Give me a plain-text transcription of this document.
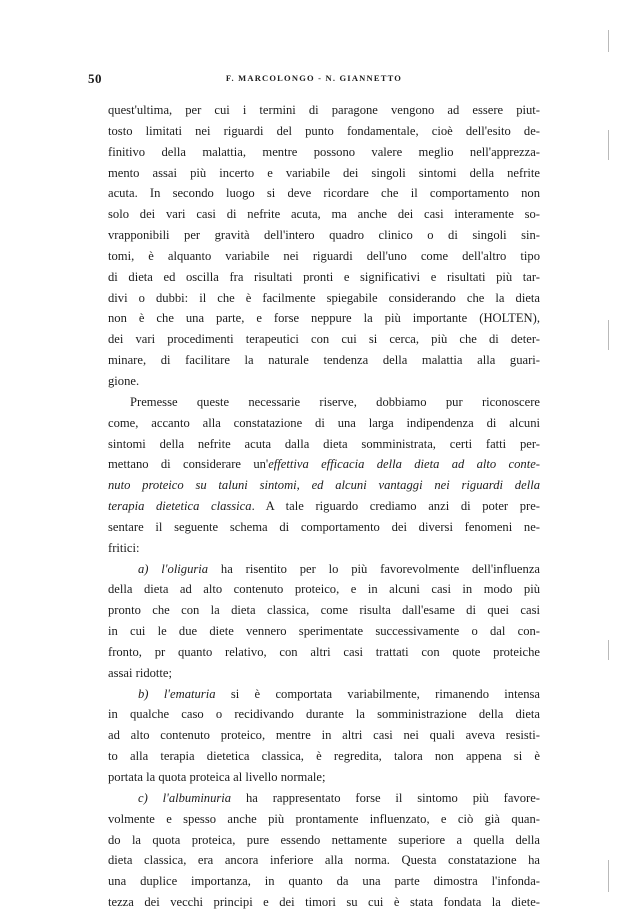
50	F. MARCOLONGO - N. GIANNETTO
quest'ultima, per cui i termini di paragone vengono ad essere piut-
tosto limitati nei riguardi del punto fondamentale, cioè dell'esito de-
finitivo della malattia, mentre possono valere meglio nell'apprezza-
mento assai più incerto e variabile dei singoli sintomi della nefrite
acuta. In secondo luogo si deve ricordare che il comportamento non
solo dei vari casi di nefrite acuta, ma anche dei casi interamente so-
vrapponibili per gravità dell'intero quadro clinico o di singoli sin-
tomi, è alquanto variabile nei riguardi dell'uno come dell'altro tipo
di dieta ed oscilla fra risultati pronti e significativi e risultati più tar-
divi o dubbi: il che è facilmente spiegabile considerando che la dieta
non è che una parte, e forse neppure la più importante (HOLTEN),
dei vari procedimenti terapeutici con cui si cerca, più che di deter-
minare, di facilitare la naturale tendenza della malattia alla guari-
gione.
Premesse queste necessarie riserve, dobbiamo pur riconoscere
come, accanto alla constatazione di una larga indipendenza di alcuni
sintomi della nefrite acuta dalla dieta somministrata, certi fatti per-
mettano di considerare un'effettiva efficacia della dieta ad alto conte-
nuto proteico su taluni sintomi, ed alcuni vantaggi nei riguardi della
terapia dietetica classica. A tale riguardo crediamo anzi di poter pre-
sentare il seguente schema di comportamento dei diversi fenomeni ne-
fritici:
a) l'oliguria ha risentito per lo più favorevolmente dell'influenza
della dieta ad alto contenuto proteico, e in alcuni casi in modo più
pronto che con la dieta classica, come risulta dall'esame di quei casi
in cui le due diete vennero sperimentate successivamente o dal con-
fronto, pr quanto relativo, con altri casi trattati con quote proteiche
assai ridotte;
b) l'ematuria si è comportata variabilmente, rimanendo intensa
in qualche caso o recidivando durante la somministrazione della dieta
ad alto contenuto proteico, mentre in altri casi nei quali aveva resisti-
to alla terapia dietetica classica, è regredita, talora non appena si è
portata la quota proteica al livello normale;
c) l'albuminuria ha rappresentato forse il sintomo più favore-
volmente e spesso anche più prontamente influenzato, e ciò già quan-
do la quota proteica, pure essendo nettamente superiore a quella della
dieta classica, era ancora inferiore alla norma. Questa constatazione ha
una duplice importanza, in quanto da una parte dimostra l'infonda-
tezza dei vecchi principi e dei timori su cui è stata fondata la diete-
